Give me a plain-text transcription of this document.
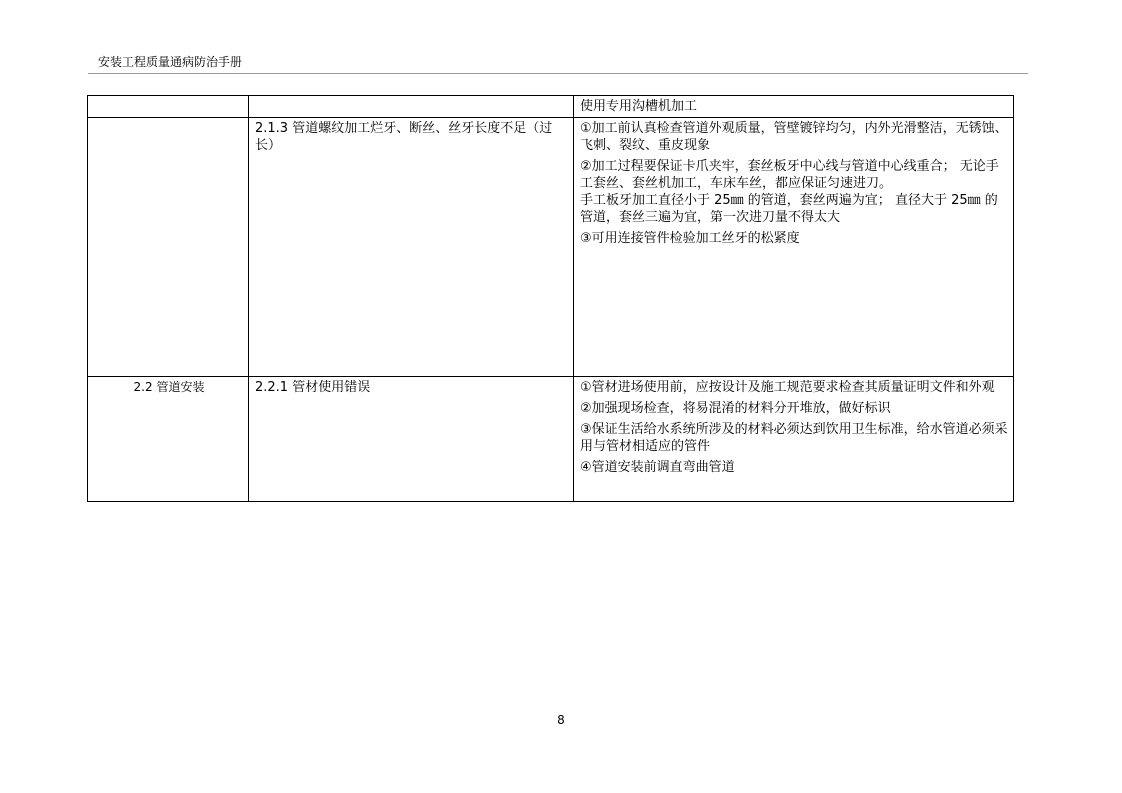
安装工程质量通病防治手册

		使用专用沟槽机加工

	2.1.3 管道螺纹加工烂牙、断丝、丝牙长度不足（过长）	①加工前认真检查管道外观质量，管壁镀锌均匀，内外光滑整洁，无锈蚀、飞刺、裂纹、重皮现象
②加工过程要保证卡爪夹牢，套丝板牙中心线与管道中心线重合； 无论手工套丝、套丝机加工，车床车丝，都应保证匀速进刀。
手工板牙加工直径小于 25㎜ 的管道，套丝两遍为宜； 直径大于 25㎜ 的管道，套丝三遍为宜，第一次进刀量不得太大
③可用连接管件检验加工丝牙的松紧度

2.2 管道安装	2.2.1 管材使用错误	①管材进场使用前，应按设计及施工规范要求检查其质量证明文件和外观
②加强现场检查，将易混淆的材料分开堆放，做好标识
③保证生活给水系统所涉及的材料必须达到饮用卫生标准，给水管道必须采用与管材相适应的管件
④管道安装前调直弯曲管道
8
